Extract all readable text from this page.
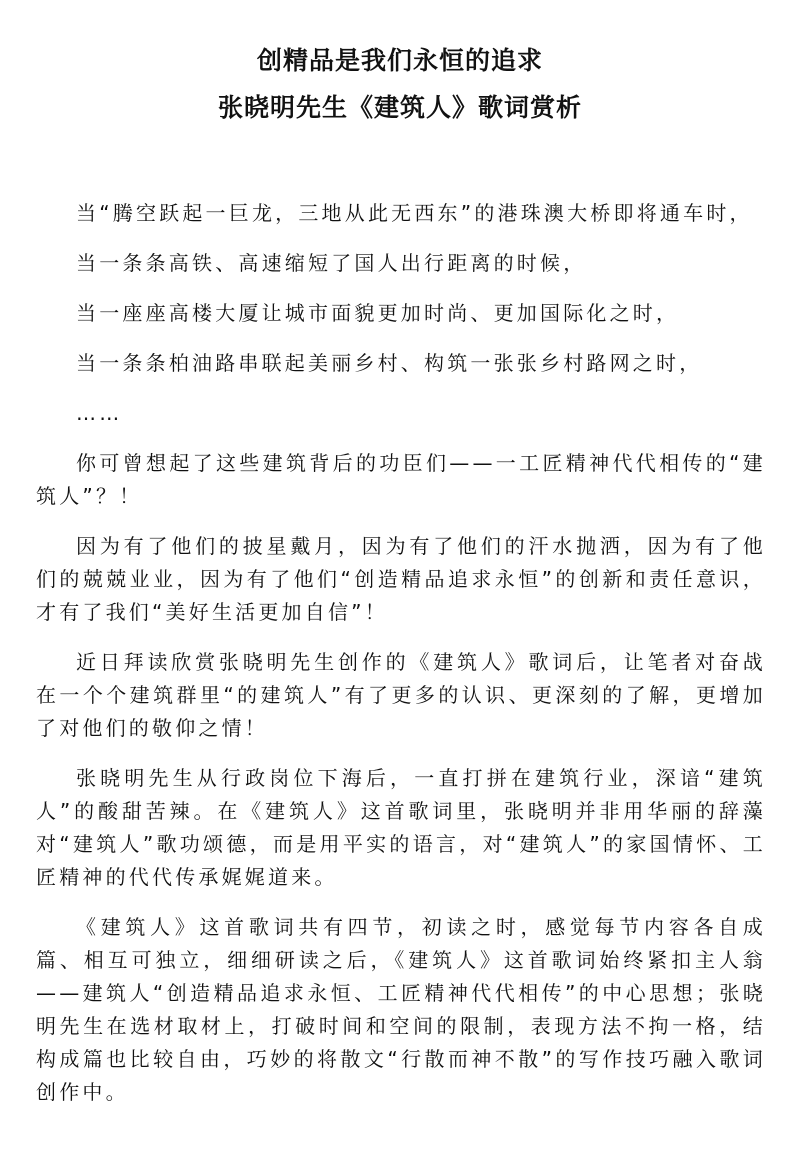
创精品是我们永恒的追求
张晓明先生《建筑人》歌词赏析

当“腾空跃起一巨龙，三地从此无西东”的港珠澳大桥即将通车时，

当一条条高铁、高速缩短了国人出行距离的时候，

当一座座高楼大厦让城市面貌更加时尚、更加国际化之时，

当一条条柏油路串联起美丽乡村、构筑一张张乡村路网之时，

……

你可曾想起了这些建筑背后的功臣们——一工匠精神代代相传的“建筑人”？！

因为有了他们的披星戴月，因为有了他们的汗水抛洒，因为有了他们的兢兢业业，因为有了他们“创造精品追求永恒”的创新和责任意识，才有了我们“美好生活更加自信”！

近日拜读欣赏张晓明先生创作的《建筑人》歌词后，让笔者对奋战在一个个建筑群里“的建筑人”有了更多的认识、更深刻的了解，更增加了对他们的敬仰之情！

张晓明先生从行政岗位下海后，一直打拼在建筑行业，深谙“建筑人”的酸甜苦辣。在《建筑人》这首歌词里，张晓明并非用华丽的辞藻对“建筑人”歌功颂德，而是用平实的语言，对“建筑人”的家国情怀、工匠精神的代代传承娓娓道来。

《建筑人》这首歌词共有四节，初读之时，感觉每节内容各自成篇、相互可独立，细细研读之后，《建筑人》这首歌词始终紧扣主人翁——建筑人“创造精品追求永恒、工匠精神代代相传”的中心思想；张晓明先生在选材取材上，打破时间和空间的限制，表现方法不拘一格，结构成篇也比较自由，巧妙的将散文“行散而神不散”的写作技巧融入歌词创作中。
